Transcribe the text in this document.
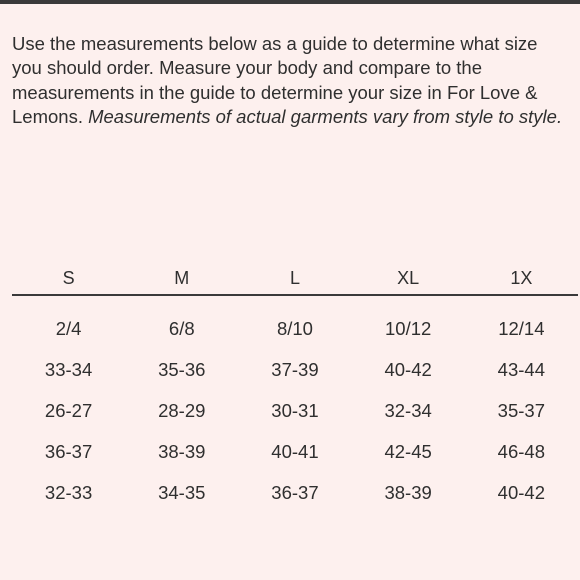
Use the measurements below as a guide to determine what size you should order. Measure your body and compare to the measurements in the guide to determine your size in For Love & Lemons. Measurements of actual garments vary from style to style.

S	M	L	XL	1X
2/4	6/8	8/10	10/12	12/14
33-34	35-36	37-39	40-42	43-44
26-27	28-29	30-31	32-34	35-37
36-37	38-39	40-41	42-45	46-48
32-33	34-35	36-37	38-39	40-42
